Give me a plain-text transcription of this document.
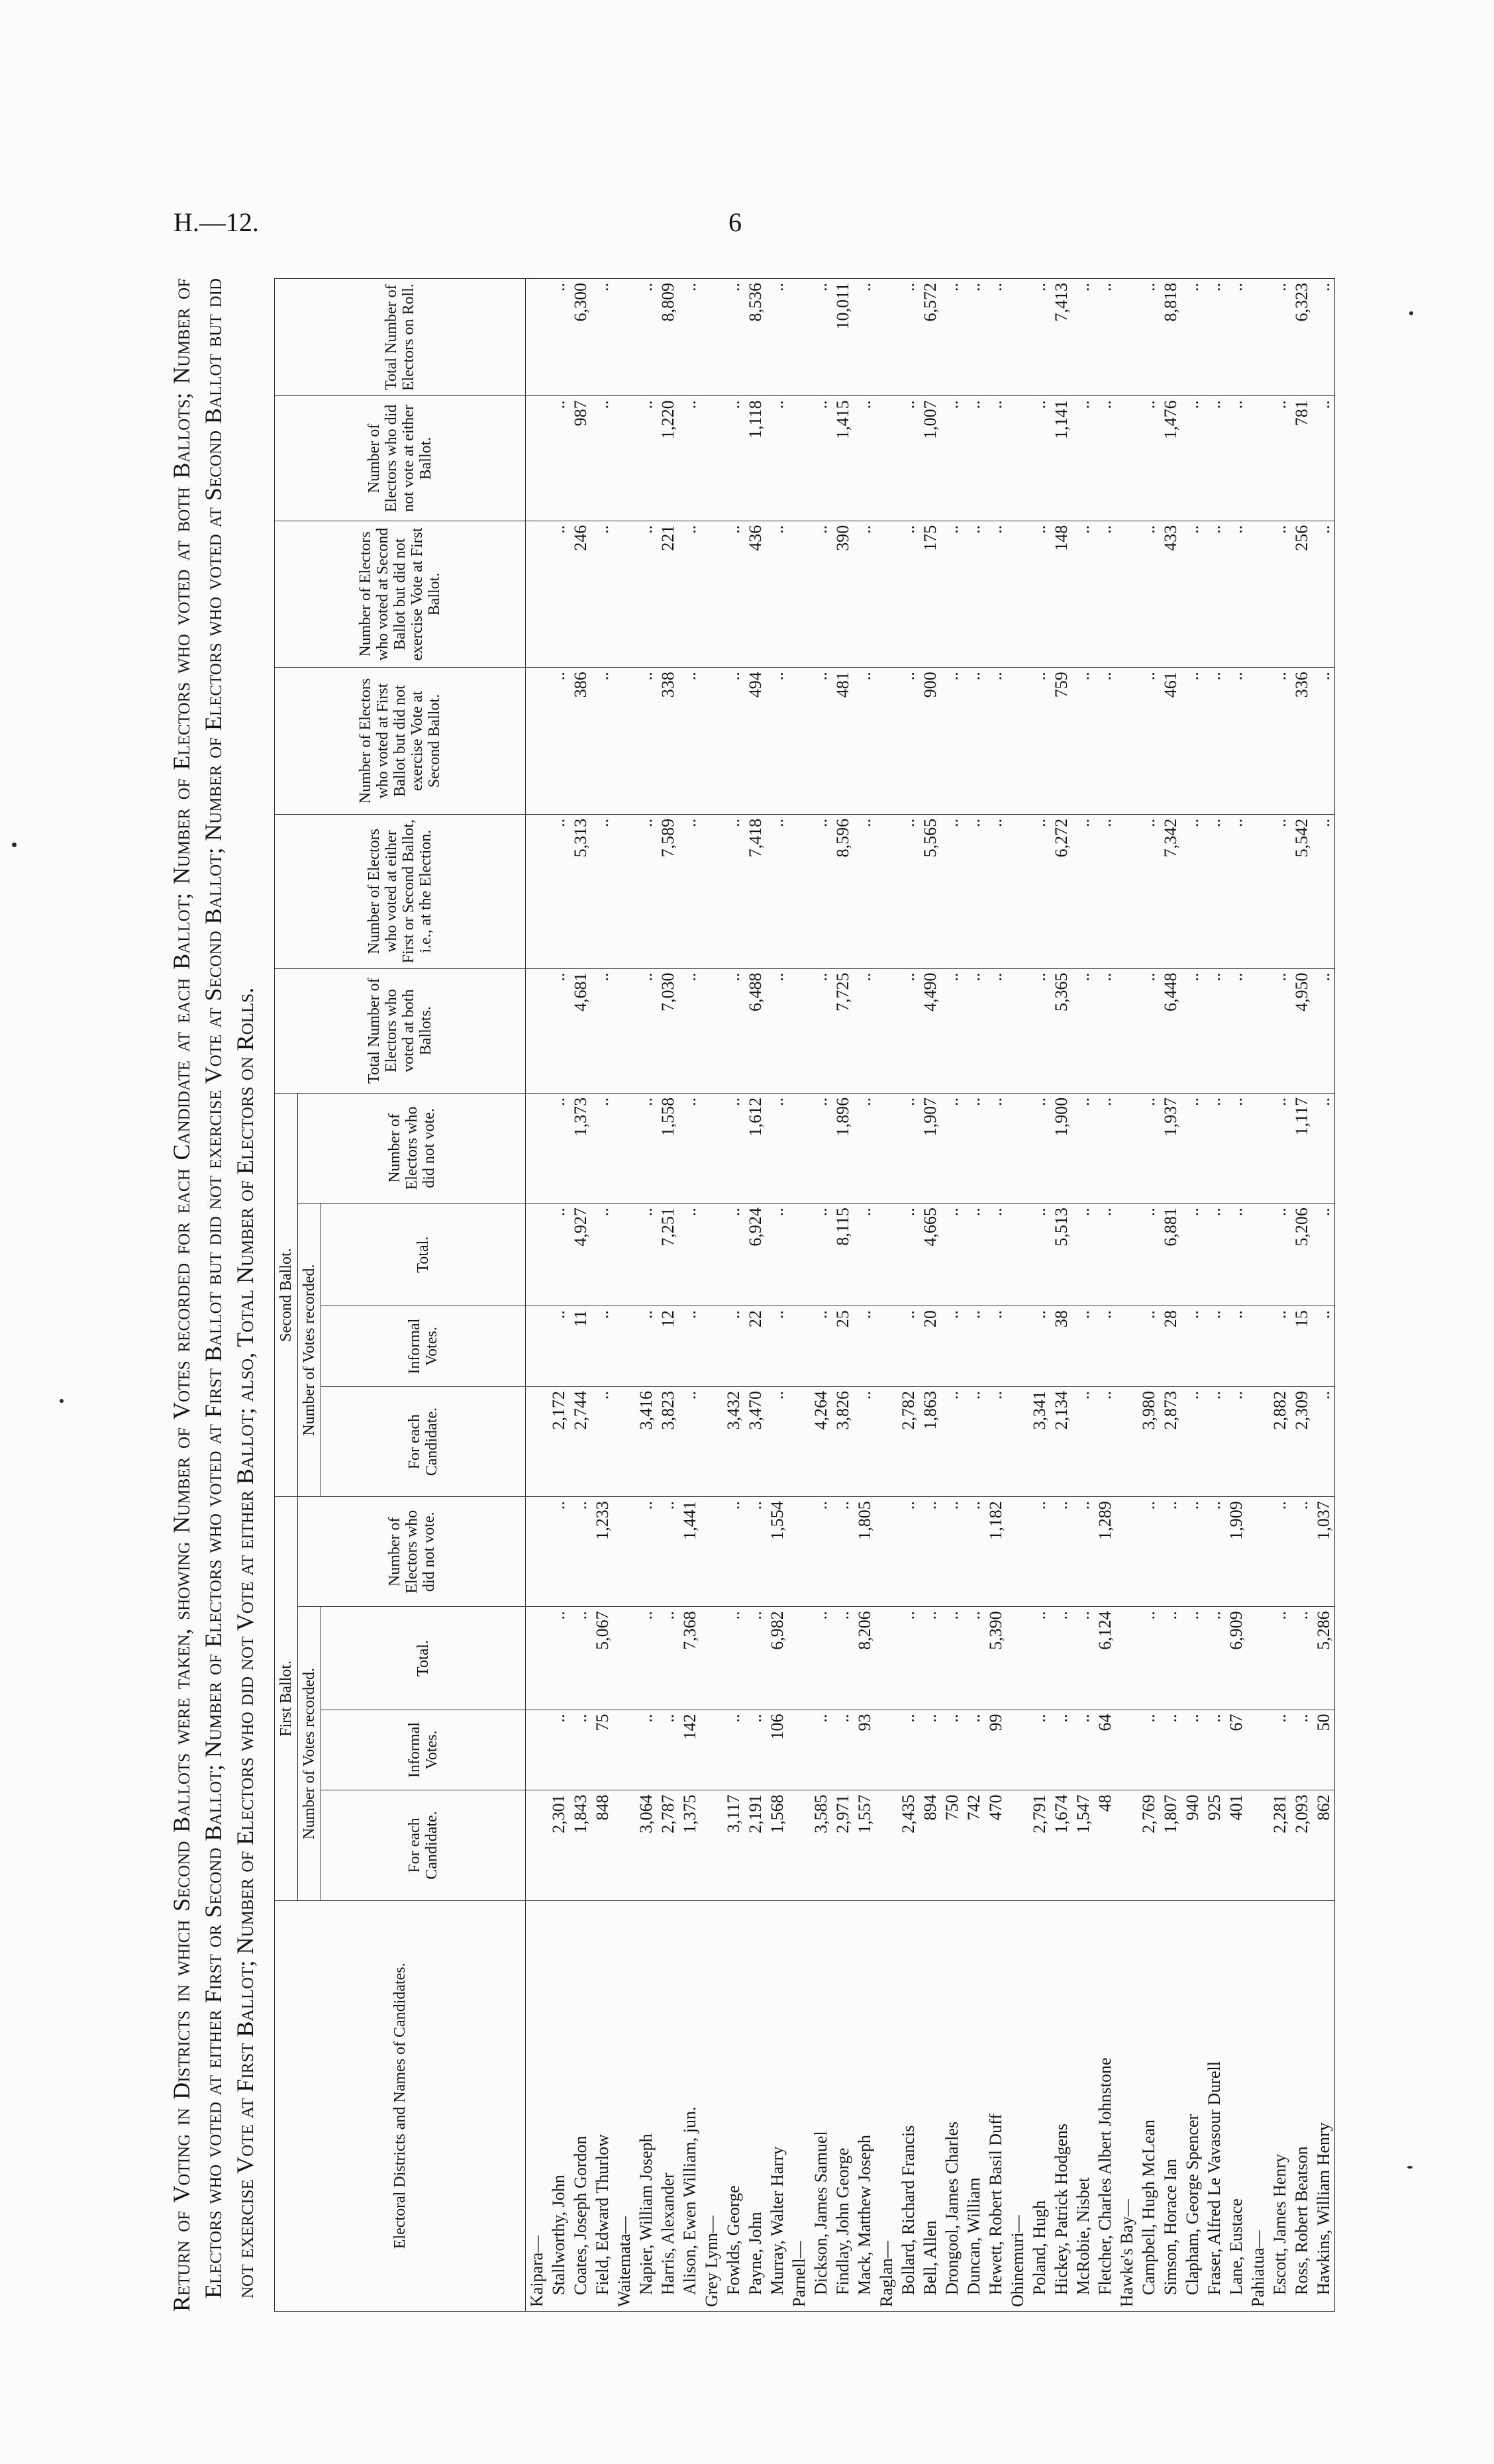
H.—12.	6
Return of Voting in Districts in which Second Ballots were taken, showing Number of Votes recorded for each Candidate at each Ballot; Number of Electors who voted at both Ballots; Number of Electors who voted at either First or Second Ballot; Number of Electors who voted at First Ballot but did not exercise Vote at Second Ballot; Number of Electors who voted at Second Ballot but did not exercise Vote at First Ballot; Number of Electors who did not Vote at either Ballot; also, Total Number of Electors on Rolls.	Electoral Districts and Names of Candidates.	First Ballot.				Second Ballot.				Total Number of Electors who voted at both Ballots.	Number of Electors who voted at either First or Second Ballot, i.e., at the Election.	Number of Electors who voted at First Ballot but did not exercise Vote at Second Ballot.	Number of Electors who voted at Second Ballot but did not exercise Vote at First Ballot.	Number of Electors who did not vote at either Ballot.	Total Number of Electors on Roll.
	Number of Votes recorded.			Number of Electors who did not vote.	Number of Votes recorded.			Number of Electors who did not vote.						
	For each Candidate.	Informal Votes.	Total.		For each Candidate.	Informal Votes.	Total.							
Kaipara—														
Stallworthy, John	2,301	..	..	..	2,172	..	..	..	..	..	..	..	..	..
Coates, Joseph Gordon	1,843	..	..	..	2,744	11	4,927	1,373	4,681	5,313	386	246	987	6,300
Field, Edward Thurlow	848	75	5,067	1,233	..	..	..	..	..	..	..	..	..	..
Waitemata—														
Napier, William Joseph	3,064	..	..	..	3,416	..	..	..	..	..	..	..	..	..
Harris, Alexander	2,787	..	..	..	3,823	12	7,251	1,558	7,030	7,589	338	221	1,220	8,809
Alison, Ewen William, jun.	1,375	142	7,368	1,441	..	..	..	..	..	..	..	..	..	..
Grey Lynn—														
Fowlds, George	3,117	..	..	..	3,432	..	..	..	..	..	..	..	..	..
Payne, John	2,191	..	..	..	3,470	22	6,924	1,612	6,488	7,418	494	436	1,118	8,536
Murray, Walter Harry	1,568	106	6,982	1,554	..	..	..	..	..	..	..	..	..	..
Parnell—														
Dickson, James Samuel	3,585	..	..	..	4,264	..	..	..	..	..	..	..	..	..
Findlay, John George	2,971	..	..	..	3,826	25	8,115	1,896	7,725	8,596	481	390	1,415	10,011
Mack, Matthew Joseph	1,557	93	8,206	1,805	..	..	..	..	..	..	..	..	..	..
Raglan—														
Bollard, Richard Francis	2,435	..	..	..	2,782	..	..	..	..	..	..	..	..	..
Bell, Allen	894	..	..	..	1,863	20	4,665	1,907	4,490	5,565	900	175	1,007	6,572
Drongool, James Charles	750	..	..	..	..	..	..	..	..	..	..	..	..	..
Duncan, William	742	..	..	..	..	..	..	..	..	..	..	..	..	..
Hewett, Robert Basil Duff	470	99	5,390	1,182	..	..	..	..	..	..	..	..	..	..
Ohinemuri—														
Poland, Hugh	2,791	..	..	..	3,341	..	..	..	..	..	..	..	..	..
Hickey, Patrick Hodgens	1,674	..	..	..	2,134	38	5,513	1,900	5,365	6,272	759	148	1,141	7,413
McRobie, Nisbet	1,547	..	..	..	..	..	..	..	..	..	..	..	..	..
Fletcher, Charles Albert Johnstone	48	64	6,124	1,289	..	..	..	..	..	..	..	..	..	..
Hawke's Bay—														
Campbell, Hugh McLean	2,769	..	..	..	3,980	..	..	..	..	..	..	..	..	..
Simson, Horace Ian	1,807	..	..	..	2,873	28	6,881	1,937	6,448	7,342	461	433	1,476	8,818
Clapham, George Spencer	940	..	..	..	..	..	..	..	..	..	..	..	..	..
Fraser, Alfred Le Vavasour Durell	925	..	..	..	..	..	..	..	..	..	..	..	..	..
Lane, Eustace	401	67	6,909	1,909	..	..	..	..	..	..	..	..	..	..
Pahiatua—														
Escott, James Henry	2,281	..	..	..	2,882	..	..	..	..	..	..	..	..	..
Ross, Robert Beatson	2,093	..	..	..	2,309	15	5,206	1,117	4,950	5,542	336	256	781	6,323
Hawkins, William Henry	862	50	5,286	1,037	..	..	..	..	..	..	..	..	..	..
